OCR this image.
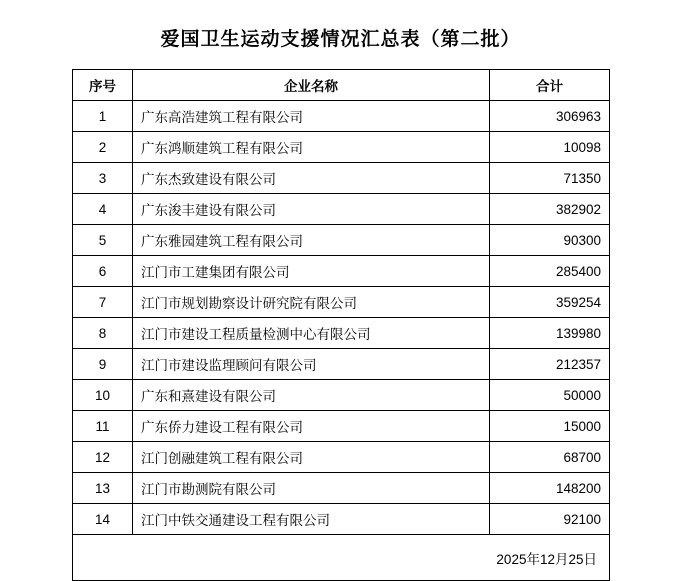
爱国卫生运动支援情况汇总表（第二批）
序号	企业名称	合计
1	广东高浩建筑工程有限公司	306963
2	广东鸿顺建筑工程有限公司	10098
3	广东杰致建设有限公司	71350
4	广东浚丰建设有限公司	382902
5	广东雅园建筑工程有限公司	90300
6	江门市工建集团有限公司	285400
7	江门市规划勘察设计研究院有限公司	359254
8	江门市建设工程质量检测中心有限公司	139980
9	江门市建设监理顾问有限公司	212357
10	广东和熹建设有限公司	50000
11	广东侨力建设工程有限公司	15000
12	江门创融建筑工程有限公司	68700
13	江门市勘测院有限公司	148200
14	江门中铁交通建设工程有限公司	92100
2025年12月25日		
